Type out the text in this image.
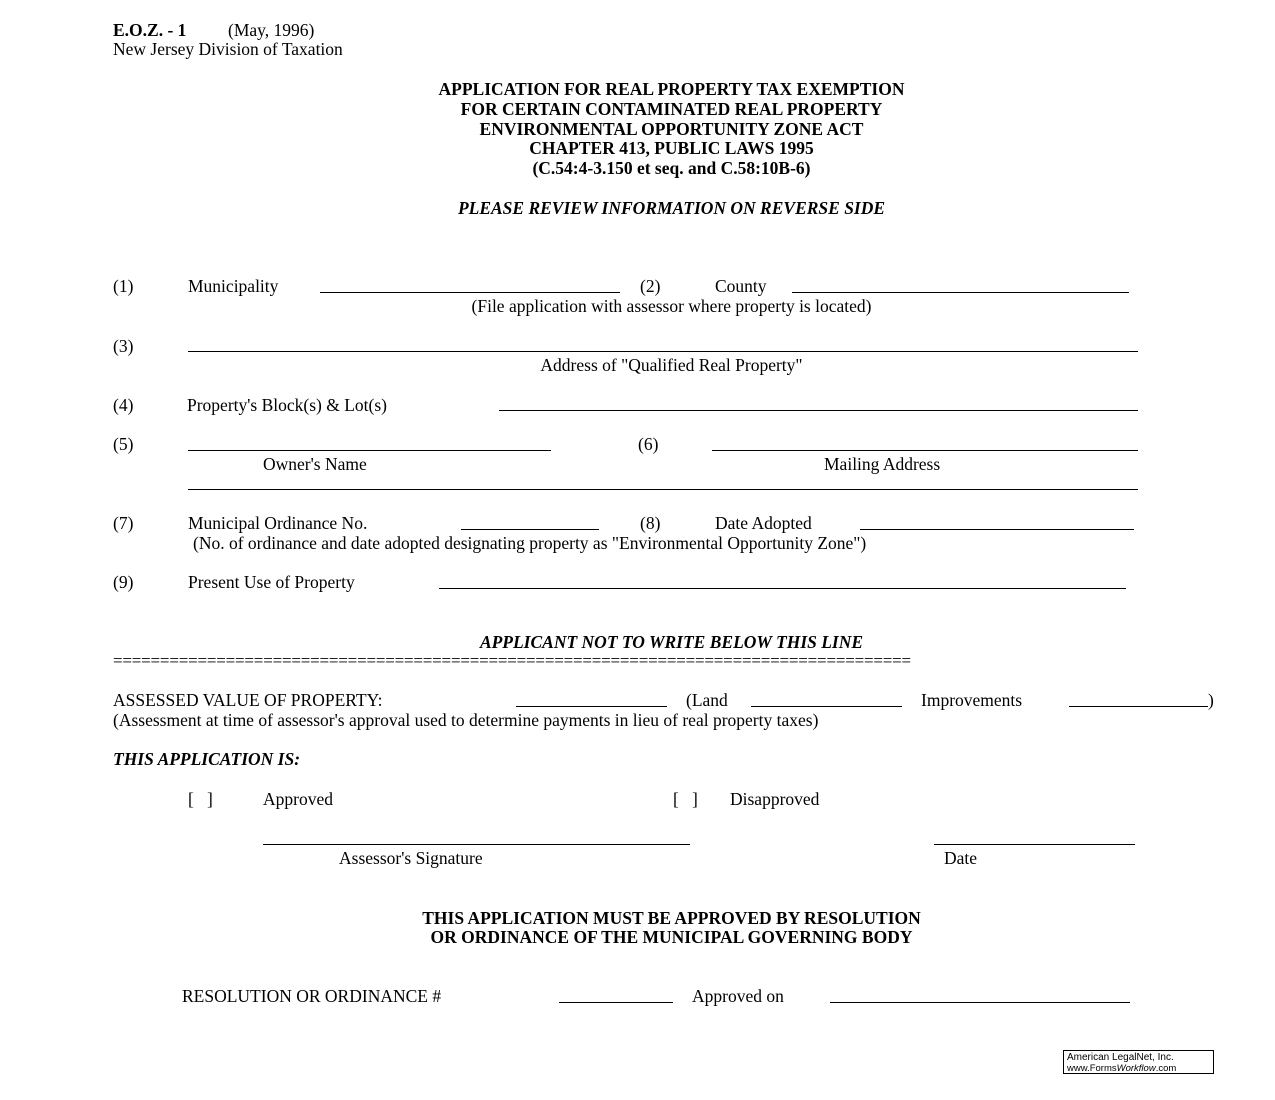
E.O.Z. - 1 (May, 1996)
New Jersey Division of Taxation
APPLICATION FOR REAL PROPERTY TAX EXEMPTION
FOR CERTAIN CONTAMINATED REAL PROPERTY
ENVIRONMENTAL OPPORTUNITY ZONE ACT
CHAPTER 413, PUBLIC LAWS 1995
(C.54:4-3.150 et seq. and C.58:10B-6)
PLEASE REVIEW INFORMATION ON REVERSE SIDE
(1)	Municipality	(2)	County
(File application with assessor where property is located)
(3)
Address of "Qualified Real Property"
(4)	Property's Block(s) & Lot(s)
(5)	(6)
Owner's Name	Mailing Address
(7)	Municipal Ordinance No.	(8)	Date Adopted
(No. of ordinance and date adopted designating property as "Environmental Opportunity Zone")
(9)	Present Use of Property
APPLICANT NOT TO WRITE BELOW THIS LINE
=====================================================================================
ASSESSED VALUE OF PROPERTY:	(Land	Improvements	)
(Assessment at time of assessor's approval used to determine payments in lieu of real property taxes)
THIS APPLICATION IS:
[   ]	Approved	[   ] Disapproved
Assessor's Signature	Date
THIS APPLICATION MUST BE APPROVED BY RESOLUTION
OR ORDINANCE OF THE MUNICIPAL GOVERNING BODY
RESOLUTION OR ORDINANCE #	Approved on
American LegalNet, Inc.
www.FormsWorkflow.com
